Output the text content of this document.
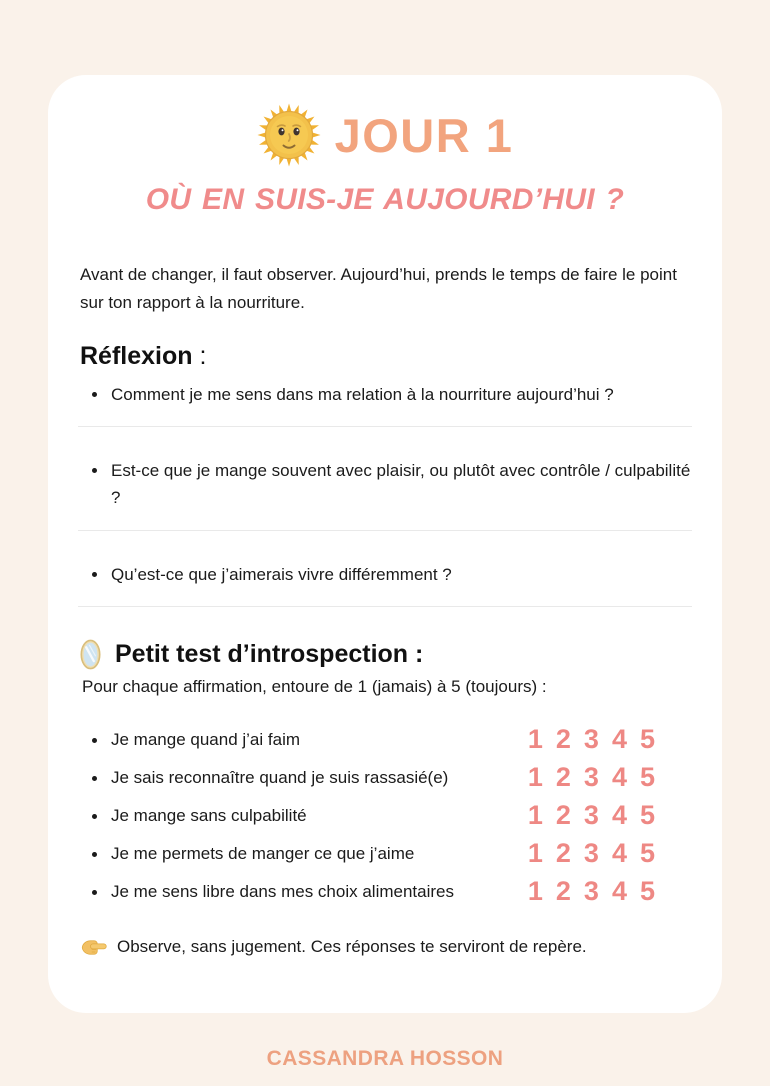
JOUR 1
OÙ EN SUIS-JE AUJOURD’HUI ?

Avant de changer, il faut observer. Aujourd’hui, prends le temps de faire le point sur ton rapport à la nourriture.

Réflexion :
Comment je me sens dans ma relation à la nourriture aujourd’hui ?
Est-ce que je mange souvent avec plaisir, ou plutôt avec contrôle / culpabilité ?
Qu’est-ce que j’aimerais vivre différemment ?
Petit test d’introspection :

Pour chaque affirmation, entoure de 1 (jamais) à 5 (toujours) :

Je mange quand j’ai faim	1 2 3 4 5
Je sais reconnaître quand je suis rassasié(e)	1 2 3 4 5
Je mange sans culpabilité	1 2 3 4 5
Je me permets de manger ce que j’aime	1 2 3 4 5
Je me sens libre dans mes choix alimentaires	1 2 3 4 5
Observe, sans jugement. Ces réponses te serviront de repère.
CASSANDRA HOSSON
